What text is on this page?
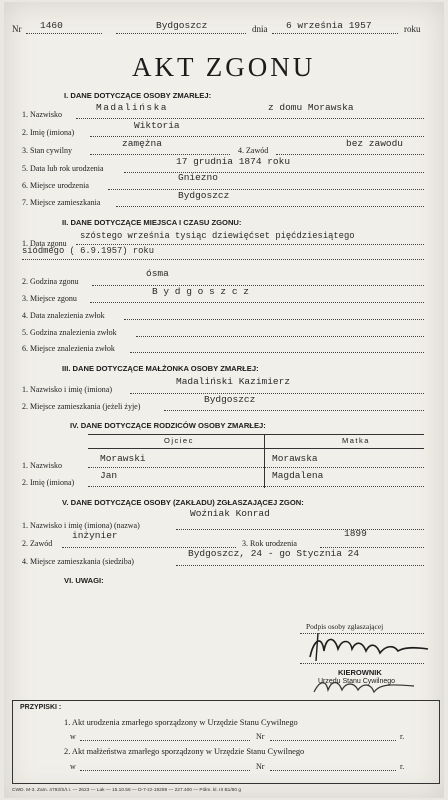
Nr 1460	Bydgoszcz	dnia 6 września 1957	roku
AKT ZGONU
I. DANE DOTYCZĄCE OSOBY ZMARŁEJ:
1. Nazwisko
Madalińska	z domu Morawska
2. Imię (imiona)
Wiktoria
3. Stan cywilny
zamężna
4. Zawód
bez zawodu
5. Data lub rok urodzenia
17 grudnia 1874 roku
6. Miejsce urodzenia
Gniezno
7. Miejsce zamieszkania
Bydgoszcz
II. DANE DOTYCZĄCE MIEJSCA I CZASU ZGONU:
1. Data zgonu
szóstego września tysiąc dziewięćset pięćdziesiątego
siódmego ( 6.9.1957) roku
2. Godzina zgonu
ósma
3. Miejsce zgonu
B y d g o s z c z
4. Data znalezienia zwłok
5. Godzina znalezienia zwłok
6. Miejsce znalezienia zwłok
III. DANE DOTYCZĄCE MAŁŻONKA OSOBY ZMARŁEJ:
1. Nazwisko i imię (imiona)
Madaliński Kazimierz
2. Miejsce zamieszkania (jeżeli żyje)
Bydgoszcz
IV. DANE DOTYCZĄCE RODZICÓW OSOBY ZMARŁEJ:
Ojciec	Matka
1. Nazwisko
Morawski	Morawska
2. Imię (imiona)
Jan	Magdalena
V. DANE DOTYCZĄCE OSOBY (ZAKŁADU) ZGŁASZAJĄCEJ ZGON:
1. Nazwisko i imię (imiona) (nazwa)
Woźniak Konrad
2. Zawód
inżynier
3. Rok urodzenia
1899
4. Miejsce zamieszkania (siedziba)
Bydgoszcz, 24 - go Stycznia 24
VI. UWAGI:
Podpis osoby zgłaszającej
KIEROWNIK
Urzędu Stanu Cywilnego
PRZYPISKI :
1. Akt urodzenia zmarłego sporządzony w Urzędzie Stanu Cywilnego
w	Nr	r.
2. Akt małżeństwa zmarłego sporządzony w Urzędzie Stanu Cywilnego
w	Nr	r.
CWD. M-3. Zam. 4793/S/I.I. — 2623 — Lak — 15.10.56 — D-7-zz-19289 — 227.400 — Półm. kl. III B1/80 g
